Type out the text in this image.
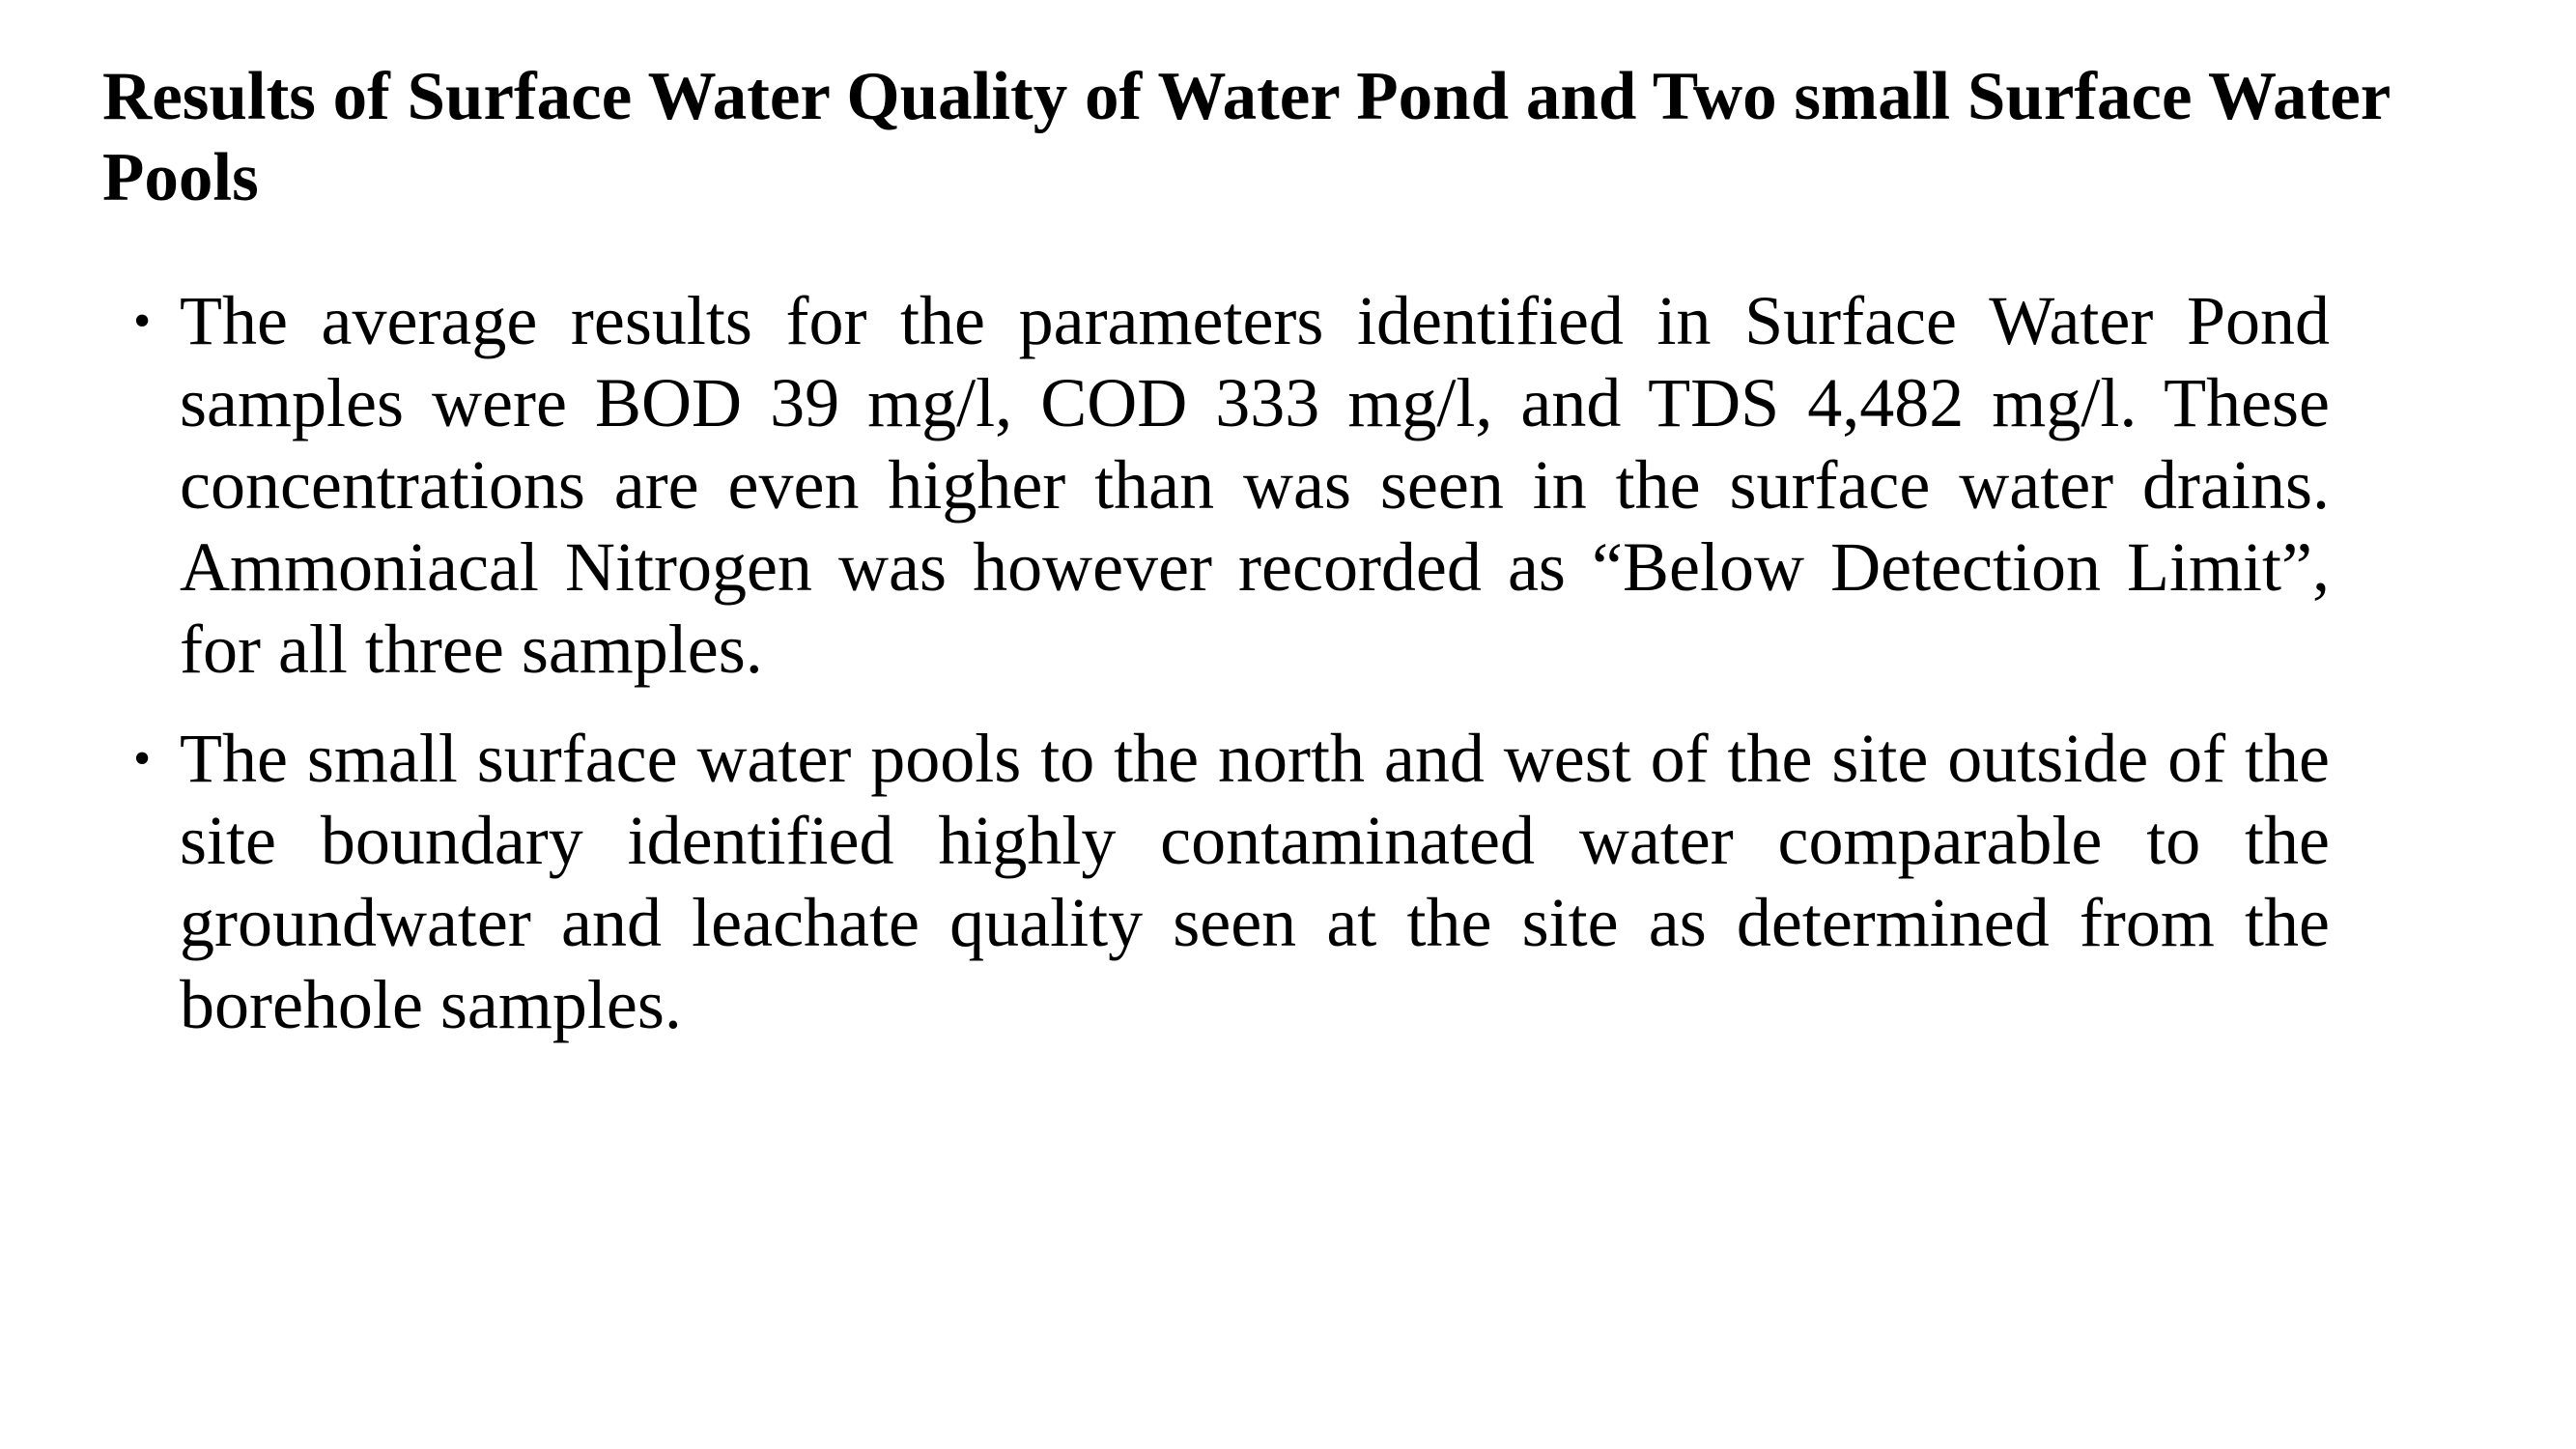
Results of Surface Water Quality of Water Pond and Two small Surface Water Pools
• The average results for the parameters identified in Surface Water Pond samples were BOD 39 mg/l, COD 333 mg/l, and TDS 4,482 mg/l. These concentrations are even higher than was seen in the surface water drains. Ammoniacal Nitrogen was however recorded as “Below Detection Limit”, for all three samples.
• The small surface water pools to the north and west of the site outside of the site boundary identified highly contaminated water comparable to the groundwater and leachate quality seen at the site as determined from the borehole samples.
